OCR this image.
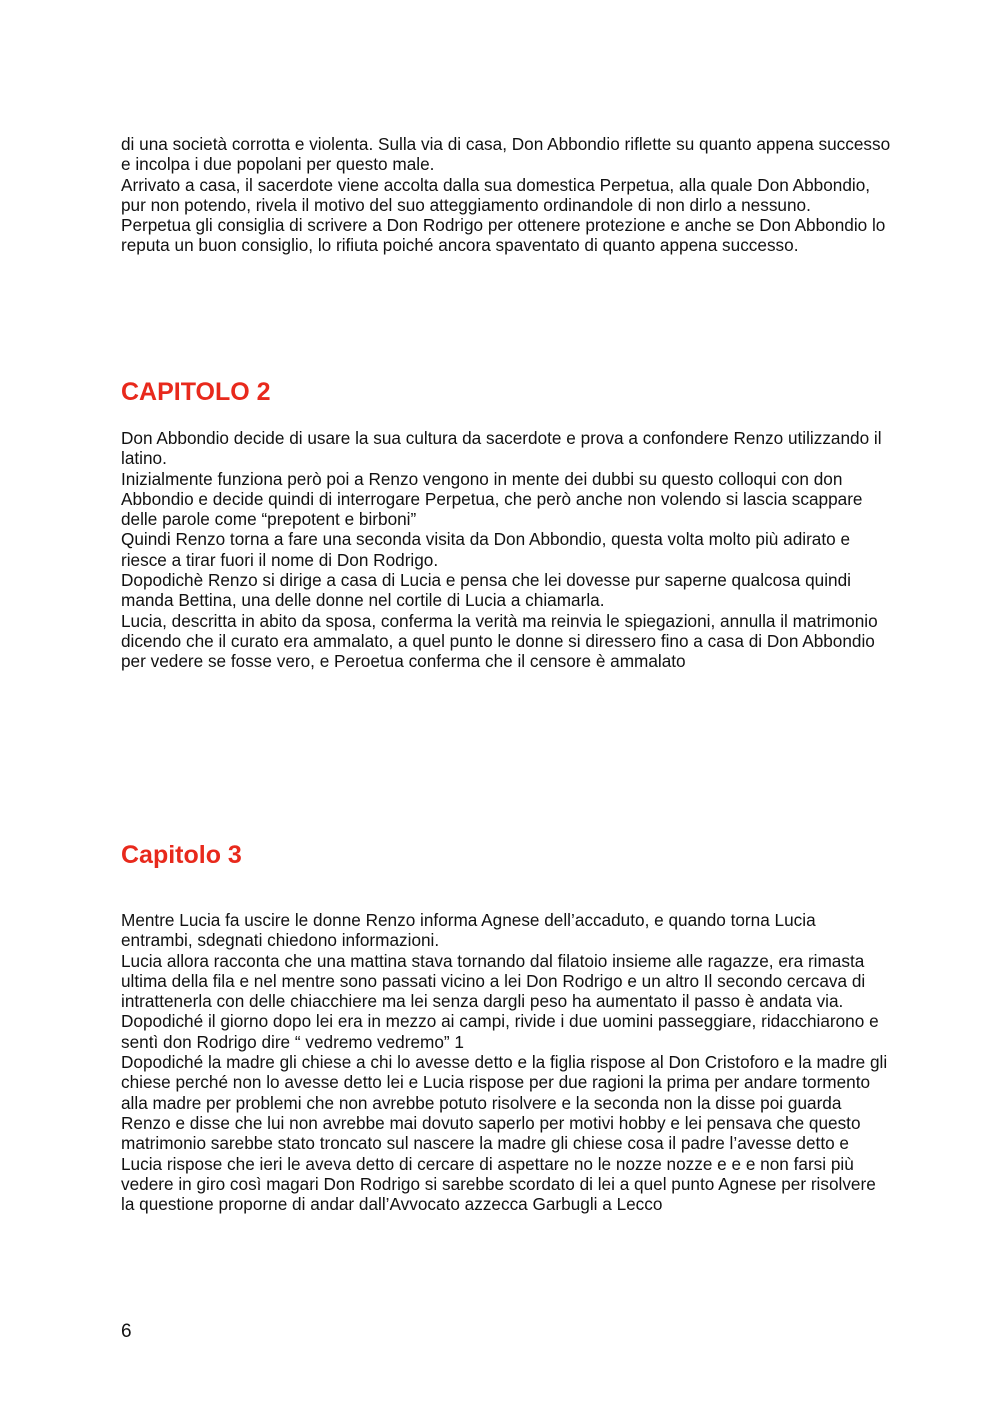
di una società corrotta e violenta. Sulla via di casa, Don Abbondio riflette su quanto appena successo e incolpa i due popolani per questo male.

Arrivato a casa, il sacerdote viene accolta dalla sua domestica Perpetua, alla quale Don Abbondio, pur non potendo, rivela il motivo del suo atteggiamento ordinandole di non dirlo a nessuno.

Perpetua gli consiglia di scrivere a Don Rodrigo per ottenere protezione e anche se Don Abbondio lo reputa un buon consiglio, lo rifiuta poiché ancora spaventato di quanto appena successo.

CAPITOLO 2

Don Abbondio decide di usare la sua cultura da sacerdote e prova a confondere Renzo utilizzando il latino.

Inizialmente funziona però poi a Renzo vengono in mente dei dubbi su questo colloqui con don Abbondio e decide quindi di interrogare Perpetua, che però anche non volendo si lascia scappare delle parole come “prepotent e birboni”

Quindi Renzo torna a fare una seconda visita da Don Abbondio, questa volta molto più adirato e riesce a tirar fuori il nome di Don Rodrigo.

Dopodichè Renzo si dirige a casa di Lucia e pensa che lei dovesse pur saperne qualcosa quindi manda Bettina, una delle donne nel cortile di Lucia a chiamarla.

Lucia, descritta in abito da sposa, conferma la verità ma reinvia le spiegazioni, annulla il matrimonio dicendo che il curato era ammalato, a quel punto le donne si diressero fino a casa di Don Abbondio per vedere se fosse vero, e Peroetua conferma che il censore è ammalato

Capitolo 3

Mentre Lucia fa uscire le donne Renzo informa Agnese dell’accaduto, e quando torna Lucia entrambi, sdegnati chiedono informazioni.

Lucia allora racconta che una mattina stava tornando dal filatoio insieme alle ragazze, era rimasta ultima della fila e nel mentre sono passati vicino a lei Don Rodrigo e un altro Il secondo cercava di intrattenerla con delle chiacchiere ma lei senza dargli peso ha aumentato il passo è andata via.

Dopodiché il giorno dopo lei era in mezzo ai campi, rivide i due uomini passeggiare, ridacchiarono e sentì don Rodrigo dire “ vedremo vedremo” 1

Dopodiché la madre gli chiese a chi lo avesse detto e la figlia rispose al Don Cristoforo e la madre gli chiese perché non lo avesse detto lei e Lucia rispose per due ragioni la prima per andare tormento alla madre per problemi che non avrebbe potuto risolvere e la seconda non la disse poi guarda Renzo e disse che lui non avrebbe mai dovuto saperlo per motivi hobby e lei pensava che questo matrimonio sarebbe stato troncato sul nascere la madre gli chiese cosa il padre l’avesse detto e Lucia rispose che ieri le aveva detto di cercare di aspettare no le nozze nozze e e e non farsi più vedere in giro così magari Don Rodrigo si sarebbe scordato di lei a quel punto Agnese per risolvere la questione proporne di andar dall’Avvocato azzecca Garbugli a Lecco

6
